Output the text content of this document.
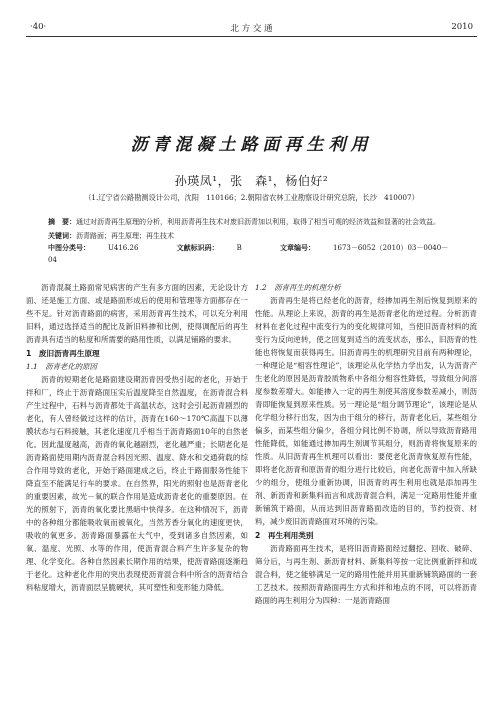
·40·	北 方 交 通	2010
沥青混凝土路面再生利用
孙瑛凤¹，张　森¹，杨伯好²
（1.辽宁省公路勘测设计公司，沈阳　110166；2.朝阳省农林工业勘察设计研究总院，长沙　410007）

摘　要：通过对沥青再生原理的分析，利用沥青再生技术对废旧沥青加以利用，取得了相当可观的经济效益和显著的社会效益。

关键词：沥青路面；再生原理；再生技术

中图分类号：	U416.26	文献标识码：	B	文章编号：	1673－6052（2010）03－0040－04

沥青混凝土路面常见病害的产生有多方面的因素，无论设计方面、还是施工方面、或是路面形成后的使用和管理等方面都存在一些不足。针对沥青路面的病害，采用沥青再生技术，可以充分利用旧料，通过选择适当的配比及新旧料掺和比例，使得调配后的再生沥青具有适当的粘度和所需要的路用性质，以满足铺路的要求。

1　废旧沥青再生原理
1.1　沥青老化的原因

沥青的短期老化是路面建设期沥青因受热引起的老化，开始于拌和厂，终止于沥青路面压实后温度降至自然温度，在沥青混合料产生过程中，石料与沥青都处于高温状态，这时会引起沥青剧烈的老化，有人曾经做过这样的估计，沥青在160～170℃高温下以薄膜状态与石料接触，其老化速度几乎相当于沥青路面10年的自然老化。因此温度越高，沥青的氧化越剧烈，老化越严重；长期老化是沥青路面使用期内沥青混合料因光照、温度、降水和交通荷载的综合作用导致的老化，开始于路面建成之后，终止于路面服务性能下降直至不能满足行车的要求。在自然界，阳光的照射也是沥青老化的重要因素，故光－氧的联合作用是造成沥青老化的重要原因。在光的照射下，沥青的氧化要比黑暗中快得多。在这种情况下，沥青中的各种组分都能吸收氧而被氧化，当然芳香分氧化的速度更快，吸收的氧更多。沥青路面暴露在大气中，受到诸多自然因素，如氧、温度、光照、水等的作用，使沥青混合料产生许多复杂的物理、化学变化。各种自然因素长期作用的结果，使沥青路面逐渐趋于老化。这种老化作用的突出表现使沥青混合料中所含的沥青结合料粘度增大，沥青面层呈脆硬状，其可塑性和变形能力降低。

1.2　沥青再生的机理分析

沥青再生是将已经老化的沥青，经掺加再生剂后恢复到原来的性能。从理论上来说，沥青的再生是沥青老化的逆过程。分析沥青材料在老化过程中流变行为的变化规律可知，当使旧沥青材料的流变行为反向逆转，使之回复到适当的流变状态，那么，旧沥青的性能也将恢复而获得再生。旧沥青再生的机理研究目前有两种理论，一种理论是“相容性理论”，该理论从化学热力学出发，认为沥青产生老化的原因是沥青胶质物系中各组分相容性降低，导致组分间溶度参数差增大。如能掺入一定的再生剂使其溶度参数差减小，则沥青即能恢复到原来性质。另一理论是“组分调节理论”，该理论是从化学组分移行出发，因为由于组分的移行，沥青老化后，某些组分偏多，而某些组分偏少，各组分间比例不协调，所以导致沥青路用性能降低，如能通过掺加再生剂调节其组分，则沥青将恢复原来的性质。从旧沥青再生机理可以看出：要使老化沥青恢复原有性能，即将老化沥青和原沥青的组分进行比较后，向老化沥青中加入所缺少的组分，使组分重新协调，旧沥青的再生利用也就是添加再生剂、新沥青和新集料而言和成沥青混合料，满足一定路用性能并重新铺筑于路面，从而达到旧沥青路面改造的目的，节约投资、材料，减少废旧沥青路面对环境的污染。

2　再生利用类别

沥青路面再生技术，是将旧沥青路面经过翻挖、回收、破碎、筛分后，与再生剂、新沥青材料、新集料等按一定比例重新拌和成混合料，使之能够满足一定的路用性能并用其重新铺筑路面的一套工艺技术。按照沥青路面再生方式和拌和地点的不同，可以将沥青路面的再生利用分为四种：一是沥青路面
